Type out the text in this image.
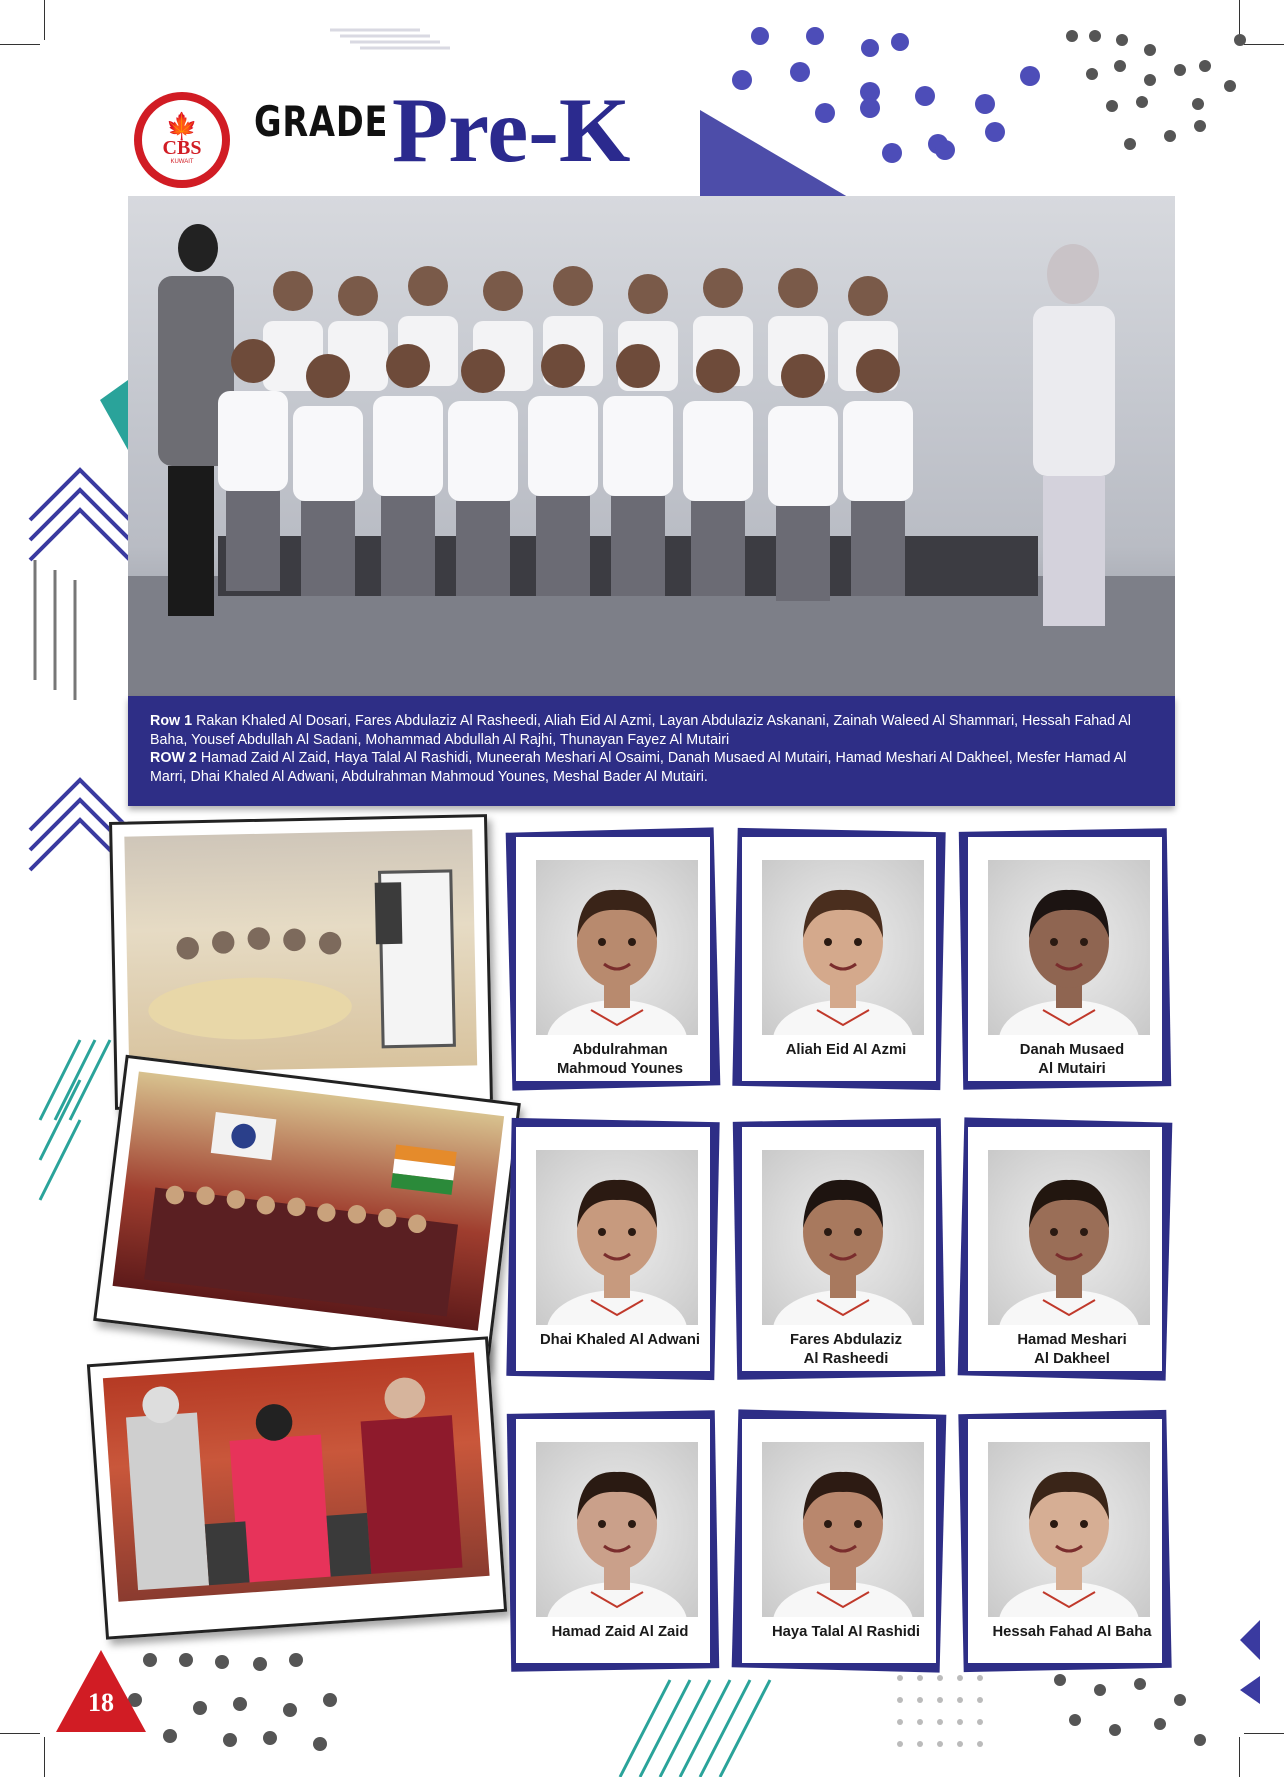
🍁
CBS
KUWAIT
GRADE Pre-K
Row 1 Rakan Khaled Al Dosari, Fares Abdulaziz Al Rasheedi, Aliah Eid Al Azmi, Layan Abdulaziz Askanani, Zainah Waleed Al Shammari, Hessah Fahad Al Baha, Yousef Abdullah Al Sadani, Mohammad Abdullah Al Rajhi, Thunayan Fayez Al Mutairi
ROW 2 Hamad Zaid Al Zaid, Haya Talal Al Rashidi, Muneerah Meshari Al Osaimi, Danah Musaed Al Mutairi, Hamad Meshari Al Dakheel, Mesfer Hamad Al Marri, Dhai Khaled Al Adwani, Abdulrahman Mahmoud Younes, Meshal Bader Al Mutairi.
Abdulrahman
Mahmoud Younes
Aliah Eid Al Azmi	Danah Musaed
Al Mutairi
Dhai Khaled Al Adwani	Fares Abdulaziz
Al Rasheedi
Hamad Meshari
Al Dakheel
Hamad Zaid Al Zaid	Haya Talal Al Rashidi	Hessah Fahad Al Baha
18
